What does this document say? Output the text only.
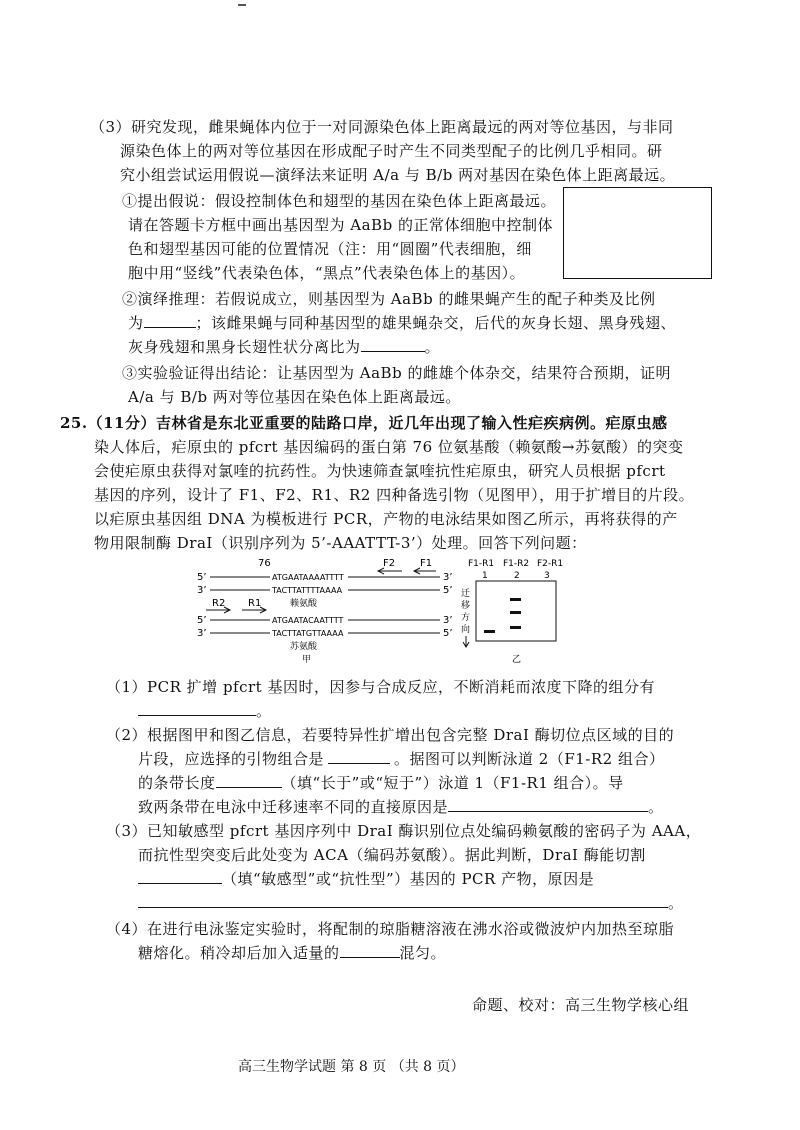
（3）研究发现，雌果蝇体内位于一对同源染色体上距离最远的两对等位基因，与非同
源染色体上的两对等位基因在形成配子时产生不同类型配子的比例几乎相同。研
究小组尝试运用假说—演绎法来证明 A/a 与 B/b 两对基因在染色体上距离最远。
①提出假说：假设控制体色和翅型的基因在染色体上距离最远。
请在答题卡方框中画出基因型为 AaBb 的正常体细胞中控制体
色和翅型基因可能的位置情况（注：用“圆圈”代表细胞，细
胞中用“竖线”代表染色体，“黑点”代表染色体上的基因）。
②演绎推理：若假说成立，则基因型为 AaBb 的雌果蝇产生的配子种类及比例
为	；该雌果蝇与同种基因型的雄果蝇杂交，后代的灰身长翅、黑身残翅、
灰身残翅和黑身长翅性状分离比为	。
③实验验证得出结论：让基因型为 AaBb 的雌雄个体杂交，结果符合预期，证明
A/a 与 B/b 两对等位基因在染色体上距离最远。
25.（11分）吉林省是东北亚重要的陆路口岸，近几年出现了输入性疟疾病例。疟原虫感
染人体后，疟原虫的 pfcrt 基因编码的蛋白第 76 位氨基酸（赖氨酸→苏氨酸）的突变
会使疟原虫获得对氯喹的抗药性。为快速筛查氯喹抗性疟原虫，研究人员根据 pfcrt
基因的序列，设计了 F1、F2、R1、R2 四种备选引物（见图甲），用于扩增目的片段。
以疟原虫基因组 DNA 为模板进行 PCR，产物的电泳结果如图乙所示，再将获得的产
物用限制酶 DraI（识别序列为 5’-AAATTT-3’）处理。回答下列问题：
76	F2 F1
5’	ATGAATAAAATTTT	3’
3’	TACTTATTTTAAAA	5’
R2 R1	赖氨酸
5’	ATGAATACAATTTT	3’
3’	TACTTATGTTAAAA	5’
苏氨酸
甲
F1-R1 F1-R2 F2-R1
1	2	3
迁
移
方
向
乙
（1）PCR 扩增 pfcrt 基因时，因参与合成反应，不断消耗而浓度下降的组分有
。
（2）根据图甲和图乙信息，若要特异性扩增出包含完整 DraI 酶切位点区域的目的
片段，应选择的引物组合是	。据图可以判断泳道 2（F1-R2 组合）
的条带长度	（填“长于”或“短于”）泳道 1（F1-R1 组合）。导
致两条带在电泳中迁移速率不同的直接原因是	。
（3）已知敏感型 pfcrt 基因序列中 DraI 酶识别位点处编码赖氨酸的密码子为 AAA，
而抗性型突变后此处变为 ACA（编码苏氨酸）。据此判断，DraI 酶能切割
（填“敏感型”或“抗性型”）基因的 PCR 产物，原因是
。
（4）在进行电泳鉴定实验时，将配制的琼脂糖溶液在沸水浴或微波炉内加热至琼脂
糖熔化。稍冷却后加入适量的	混匀。
命题、校对：高三生物学核心组
高三生物学试题 第 8 页 （共 8 页）
